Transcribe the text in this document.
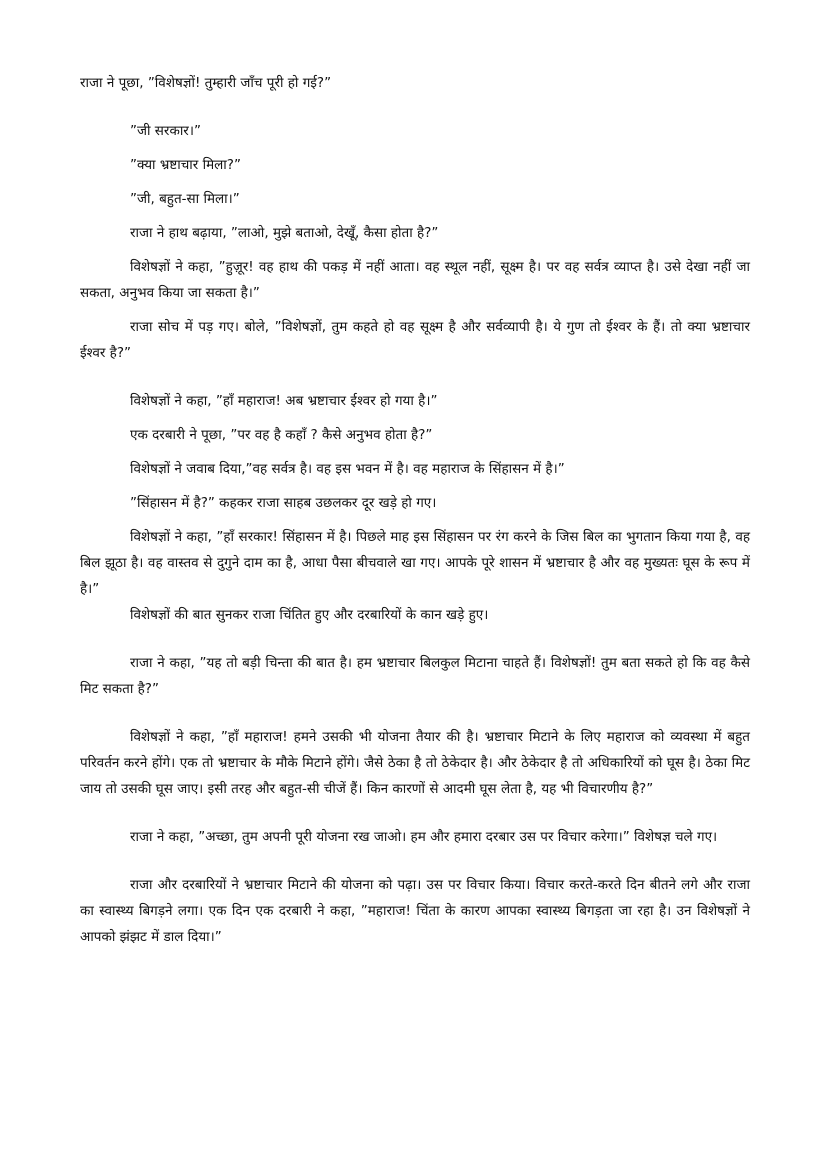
राजा ने पूछा, ”विशेषज्ञों! तुम्हारी जाँच पूरी हो गई?”

”जी सरकार।”

”क्या भ्रष्टाचार मिला?”

”जी, बहुत-सा मिला।”

राजा ने हाथ बढ़ाया, ”लाओ, मुझे बताओ, देखूँ, कैसा होता है?”

विशेषज्ञों ने कहा, ”हुज़ूर! वह हाथ की पकड़ में नहीं आता। वह स्थूल नहीं, सूक्ष्म है। पर वह सर्वत्र व्याप्त है। उसे देखा नहीं जा सकता, अनुभव किया जा सकता है।”

राजा सोच में पड़ गए। बोले, ”विशेषज्ञों, तुम कहते हो वह सूक्ष्म है और सर्वव्यापी है। ये गुण तो ईश्वर के हैं। तो क्या भ्रष्टाचार ईश्वर है?”

विशेषज्ञों ने कहा, ”हाँ महाराज! अब भ्रष्टाचार ईश्वर हो गया है।”

एक दरबारी ने पूछा, ”पर वह है कहाँ ? कैसे अनुभव होता है?”

विशेषज्ञों ने जवाब दिया,”वह सर्वत्र है। वह इस भवन में है। वह महाराज के सिंहासन में है।”

”सिंहासन में है?” कहकर राजा साहब उछलकर दूर खड़े हो गए।

विशेषज्ञों ने कहा, ”हाँ सरकार! सिंहासन में है। पिछले माह इस सिंहासन पर रंग करने के जिस बिल का भुगतान किया गया है, वह बिल झूठा है। वह वास्तव से दुगुने दाम का है, आधा पैसा बीचवाले खा गए। आपके पूरे शासन में भ्रष्टाचार है और वह मुख्यतः घूस के रूप में है।”

विशेषज्ञों की बात सुनकर राजा चिंतित हुए और दरबारियों के कान खड़े हुए।

राजा ने कहा, ”यह तो बड़ी चिन्ता की बात है। हम भ्रष्टाचार बिलकुल मिटाना चाहते हैं। विशेषज्ञों! तुम बता सकते हो कि वह कैसे मिट सकता है?”

विशेषज्ञों ने कहा, ”हाँ महाराज! हमने उसकी भी योजना तैयार की है। भ्रष्टाचार मिटाने के लिए महाराज को व्यवस्था में बहुत परिवर्तन करने होंगे। एक तो भ्रष्टाचार के मौके मिटाने होंगे। जैसे ठेका है तो ठेकेदार है। और ठेकेदार है तो अधिकारियों को घूस है। ठेका मिट जाय तो उसकी घूस जाए। इसी तरह और बहुत-सी चीजें हैं। किन कारणों से आदमी घूस लेता है, यह भी विचारणीय है?”

राजा ने कहा, ”अच्छा, तुम अपनी पूरी योजना रख जाओ। हम और हमारा दरबार उस पर विचार करेगा।” विशेषज्ञ चले गए।

राजा और दरबारियों ने भ्रष्टाचार मिटाने की योजना को पढ़ा। उस पर विचार किया। विचार करते-करते दिन बीतने लगे और राजा का स्वास्थ्य बिगड़ने लगा। एक दिन एक दरबारी ने कहा, ”महाराज! चिंता के कारण आपका स्वास्थ्य बिगड़ता जा रहा है। उन विशेषज्ञों ने आपको झंझट में डाल दिया।”
